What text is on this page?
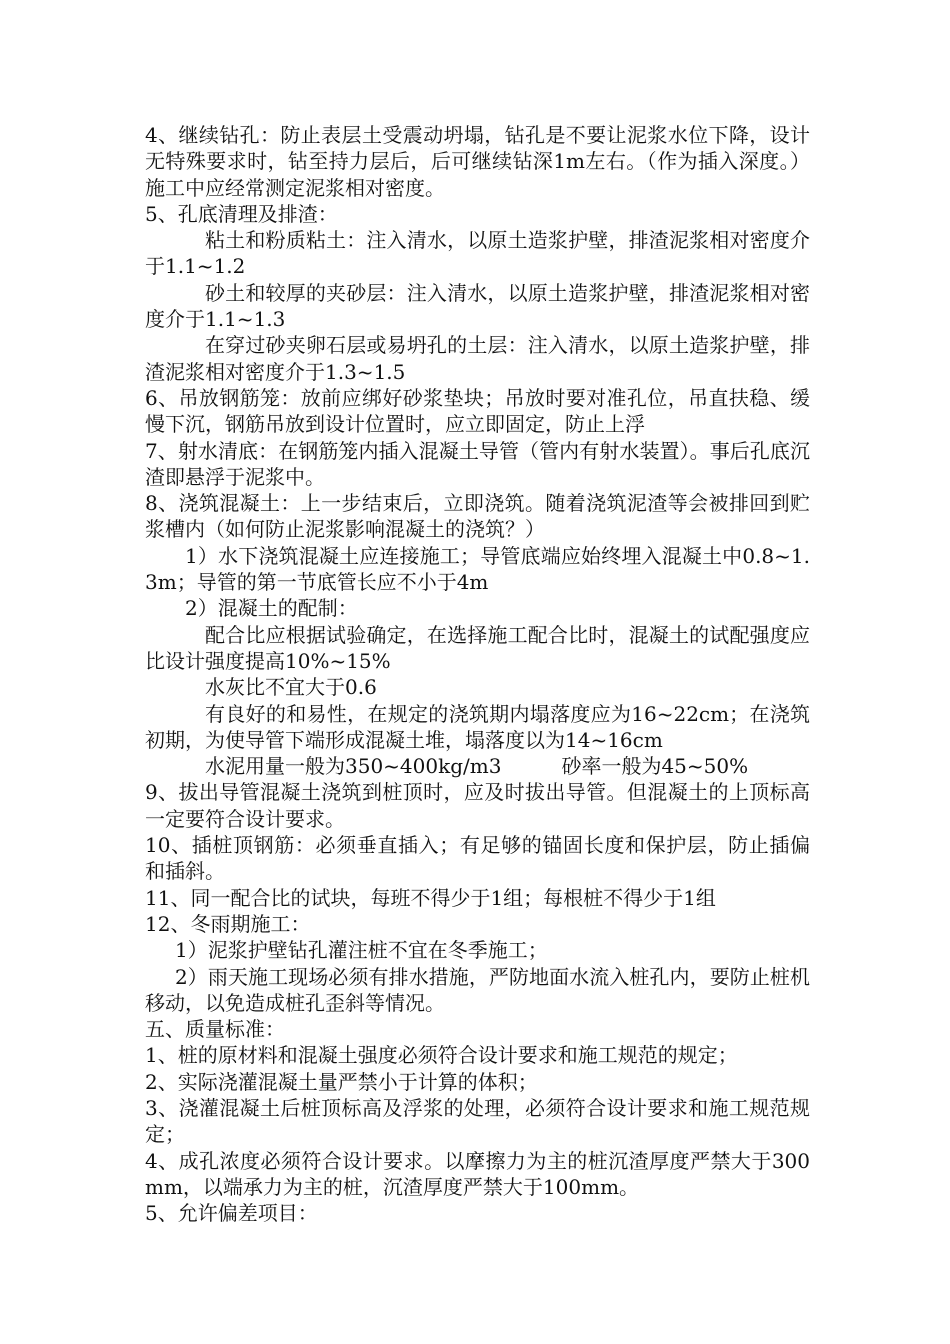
4、继续钻孔：防止表层土受震动坍塌，钻孔是不要让泥浆水位下降，设计无特殊要求时，钻至持力层后，后可继续钻深1m左右。（作为插入深度。）施工中应经常测定泥浆相对密度。

5、孔底清理及排渣：

粘土和粉质粘土：注入清水，以原土造浆护壁，排渣泥浆相对密度介于1.1~1.2

砂土和较厚的夹砂层：注入清水，以原土造浆护壁，排渣泥浆相对密度介于1.1~1.3

在穿过砂夹卵石层或易坍孔的土层：注入清水，以原土造浆护壁，排渣泥浆相对密度介于1.3~1.5

6、吊放钢筋笼：放前应绑好砂浆垫块；吊放时要对准孔位，吊直扶稳、缓慢下沉，钢筋吊放到设计位置时，应立即固定，防止上浮

7、射水清底：在钢筋笼内插入混凝土导管（管内有射水装置）。事后孔底沉渣即悬浮于泥浆中。

8、浇筑混凝土：上一步结束后，立即浇筑。随着浇筑泥渣等会被排回到贮浆槽内（如何防止泥浆影响混凝土的浇筑？）

1）水下浇筑混凝土应连接施工；导管底端应始终埋入混凝土中0.8~1.3m；导管的第一节底管长应不小于4m

2）混凝土的配制：

配合比应根据试验确定，在选择施工配合比时，混凝土的试配强度应比设计强度提高10%~15%

水灰比不宜大于0.6

有良好的和易性，在规定的浇筑期内塌落度应为16~22cm；在浇筑初期，为使导管下端形成混凝土堆，塌落度以为14~16cm

水泥用量一般为350~400kg/m3　　　砂率一般为45~50%

9、拔出导管混凝土浇筑到桩顶时，应及时拔出导管。但混凝土的上顶标高一定要符合设计要求。

10、插桩顶钢筋：必须垂直插入；有足够的锚固长度和保护层，防止插偏和插斜。

11、同一配合比的试块，每班不得少于1组；每根桩不得少于1组

12、冬雨期施工：

1）泥浆护壁钻孔灌注桩不宜在冬季施工；

2）雨天施工现场必须有排水措施，严防地面水流入桩孔内，要防止桩机移动，以免造成桩孔歪斜等情况。

五、质量标准：

1、桩的原材料和混凝土强度必须符合设计要求和施工规范的规定；

2、实际浇灌混凝土量严禁小于计算的体积；

3、浇灌混凝土后桩顶标高及浮浆的处理，必须符合设计要求和施工规范规定；

4、成孔浓度必须符合设计要求。以摩擦力为主的桩沉渣厚度严禁大于300mm，以端承力为主的桩，沉渣厚度严禁大于100mm。

5、允许偏差项目：
